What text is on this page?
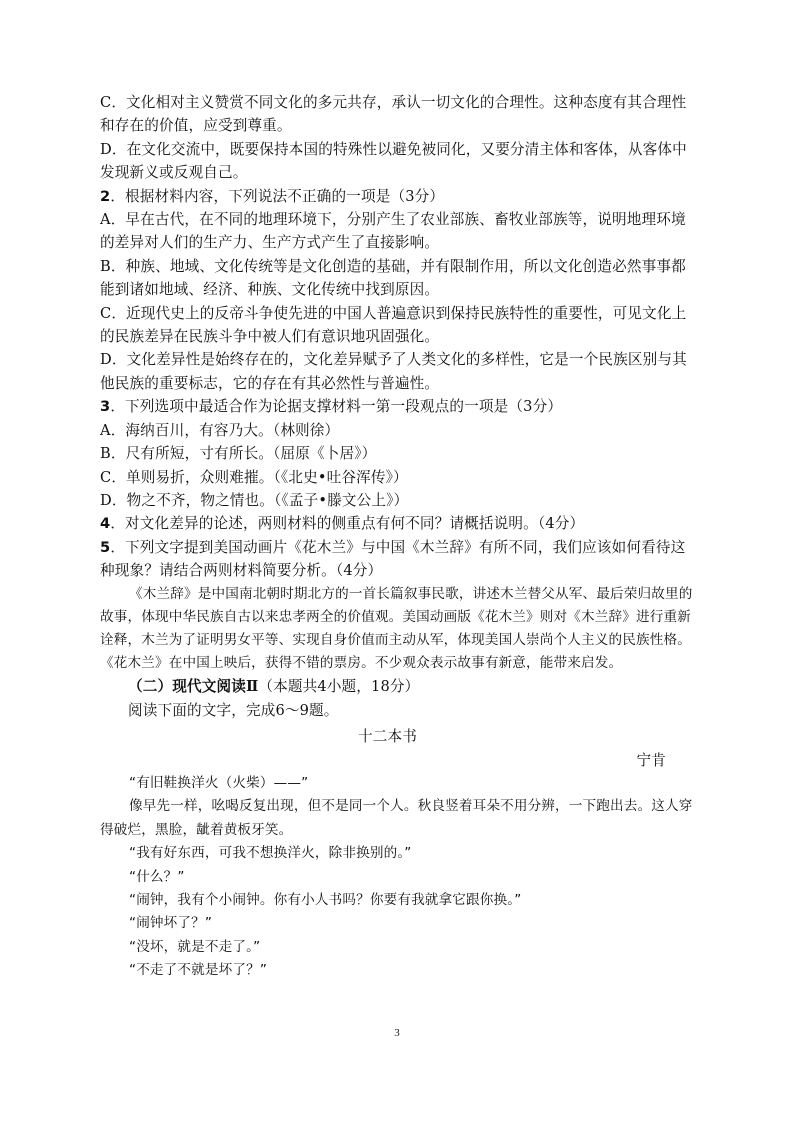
C．文化相对主义赞赏不同文化的多元共存，承认一切文化的合理性。这种态度有其合理性和存在的价值，应受到尊重。

D．在文化交流中，既要保持本国的特殊性以避免被同化，又要分清主体和客体，从客体中发现新义或反观自己。

2．根据材料内容，下列说法不正确的一项是（3分）

A．早在古代，在不同的地理环境下，分别产生了农业部族、畜牧业部族等，说明地理环境的差异对人们的生产力、生产方式产生了直接影响。

B．种族、地域、文化传统等是文化创造的基础，并有限制作用，所以文化创造必然事事都能到诸如地域、经济、种族、文化传统中找到原因。

C．近现代史上的反帝斗争使先进的中国人普遍意识到保持民族特性的重要性，可见文化上的民族差异在民族斗争中被人们有意识地巩固强化。

D．文化差异性是始终存在的，文化差异赋予了人类文化的多样性，它是一个民族区别与其他民族的重要标志，它的存在有其必然性与普遍性。

3．下列选项中最适合作为论据支撑材料一第一段观点的一项是（3分）

A．海纳百川，有容乃大。（林则徐）

B．尺有所短，寸有所长。（屈原《卜居》）

C．单则易折，众则难摧。（《北史•吐谷浑传》）

D．物之不齐，物之情也。（《孟子•滕文公上》）

4．对文化差异的论述，两则材料的侧重点有何不同？请概括说明。（4分）

5．下列文字提到美国动画片《花木兰》与中国《木兰辞》有所不同，我们应该如何看待这种现象？请结合两则材料简要分析。（4分）

《木兰辞》是中国南北朝时期北方的一首长篇叙事民歌，讲述木兰替父从军、最后荣归故里的故事，体现中华民族自古以来忠孝两全的价值观。美国动画版《花木兰》则对《木兰辞》进行重新诠释，木兰为了证明男女平等、实现自身价值而主动从军，体现美国人崇尚个人主义的民族性格。《花木兰》在中国上映后，获得不错的票房。不少观众表示故事有新意，能带来启发。

（二）现代文阅读Ⅱ（本题共4小题，18分）

阅读下面的文字，完成6～9题。

十二本书

宁肯

“有旧鞋换洋火（火柴）——”

像早先一样，吆喝反复出现，但不是同一个人。秋良竖着耳朵不用分辨，一下跑出去。这人穿得破烂，黑脸，龇着黄板牙笑。

“我有好东西，可我不想换洋火，除非换别的。”

“什么？”

“闹钟，我有个小闹钟。你有小人书吗？你要有我就拿它跟你换。”

“闹钟坏了？”

“没坏，就是不走了。”

“不走了不就是坏了？”

3
